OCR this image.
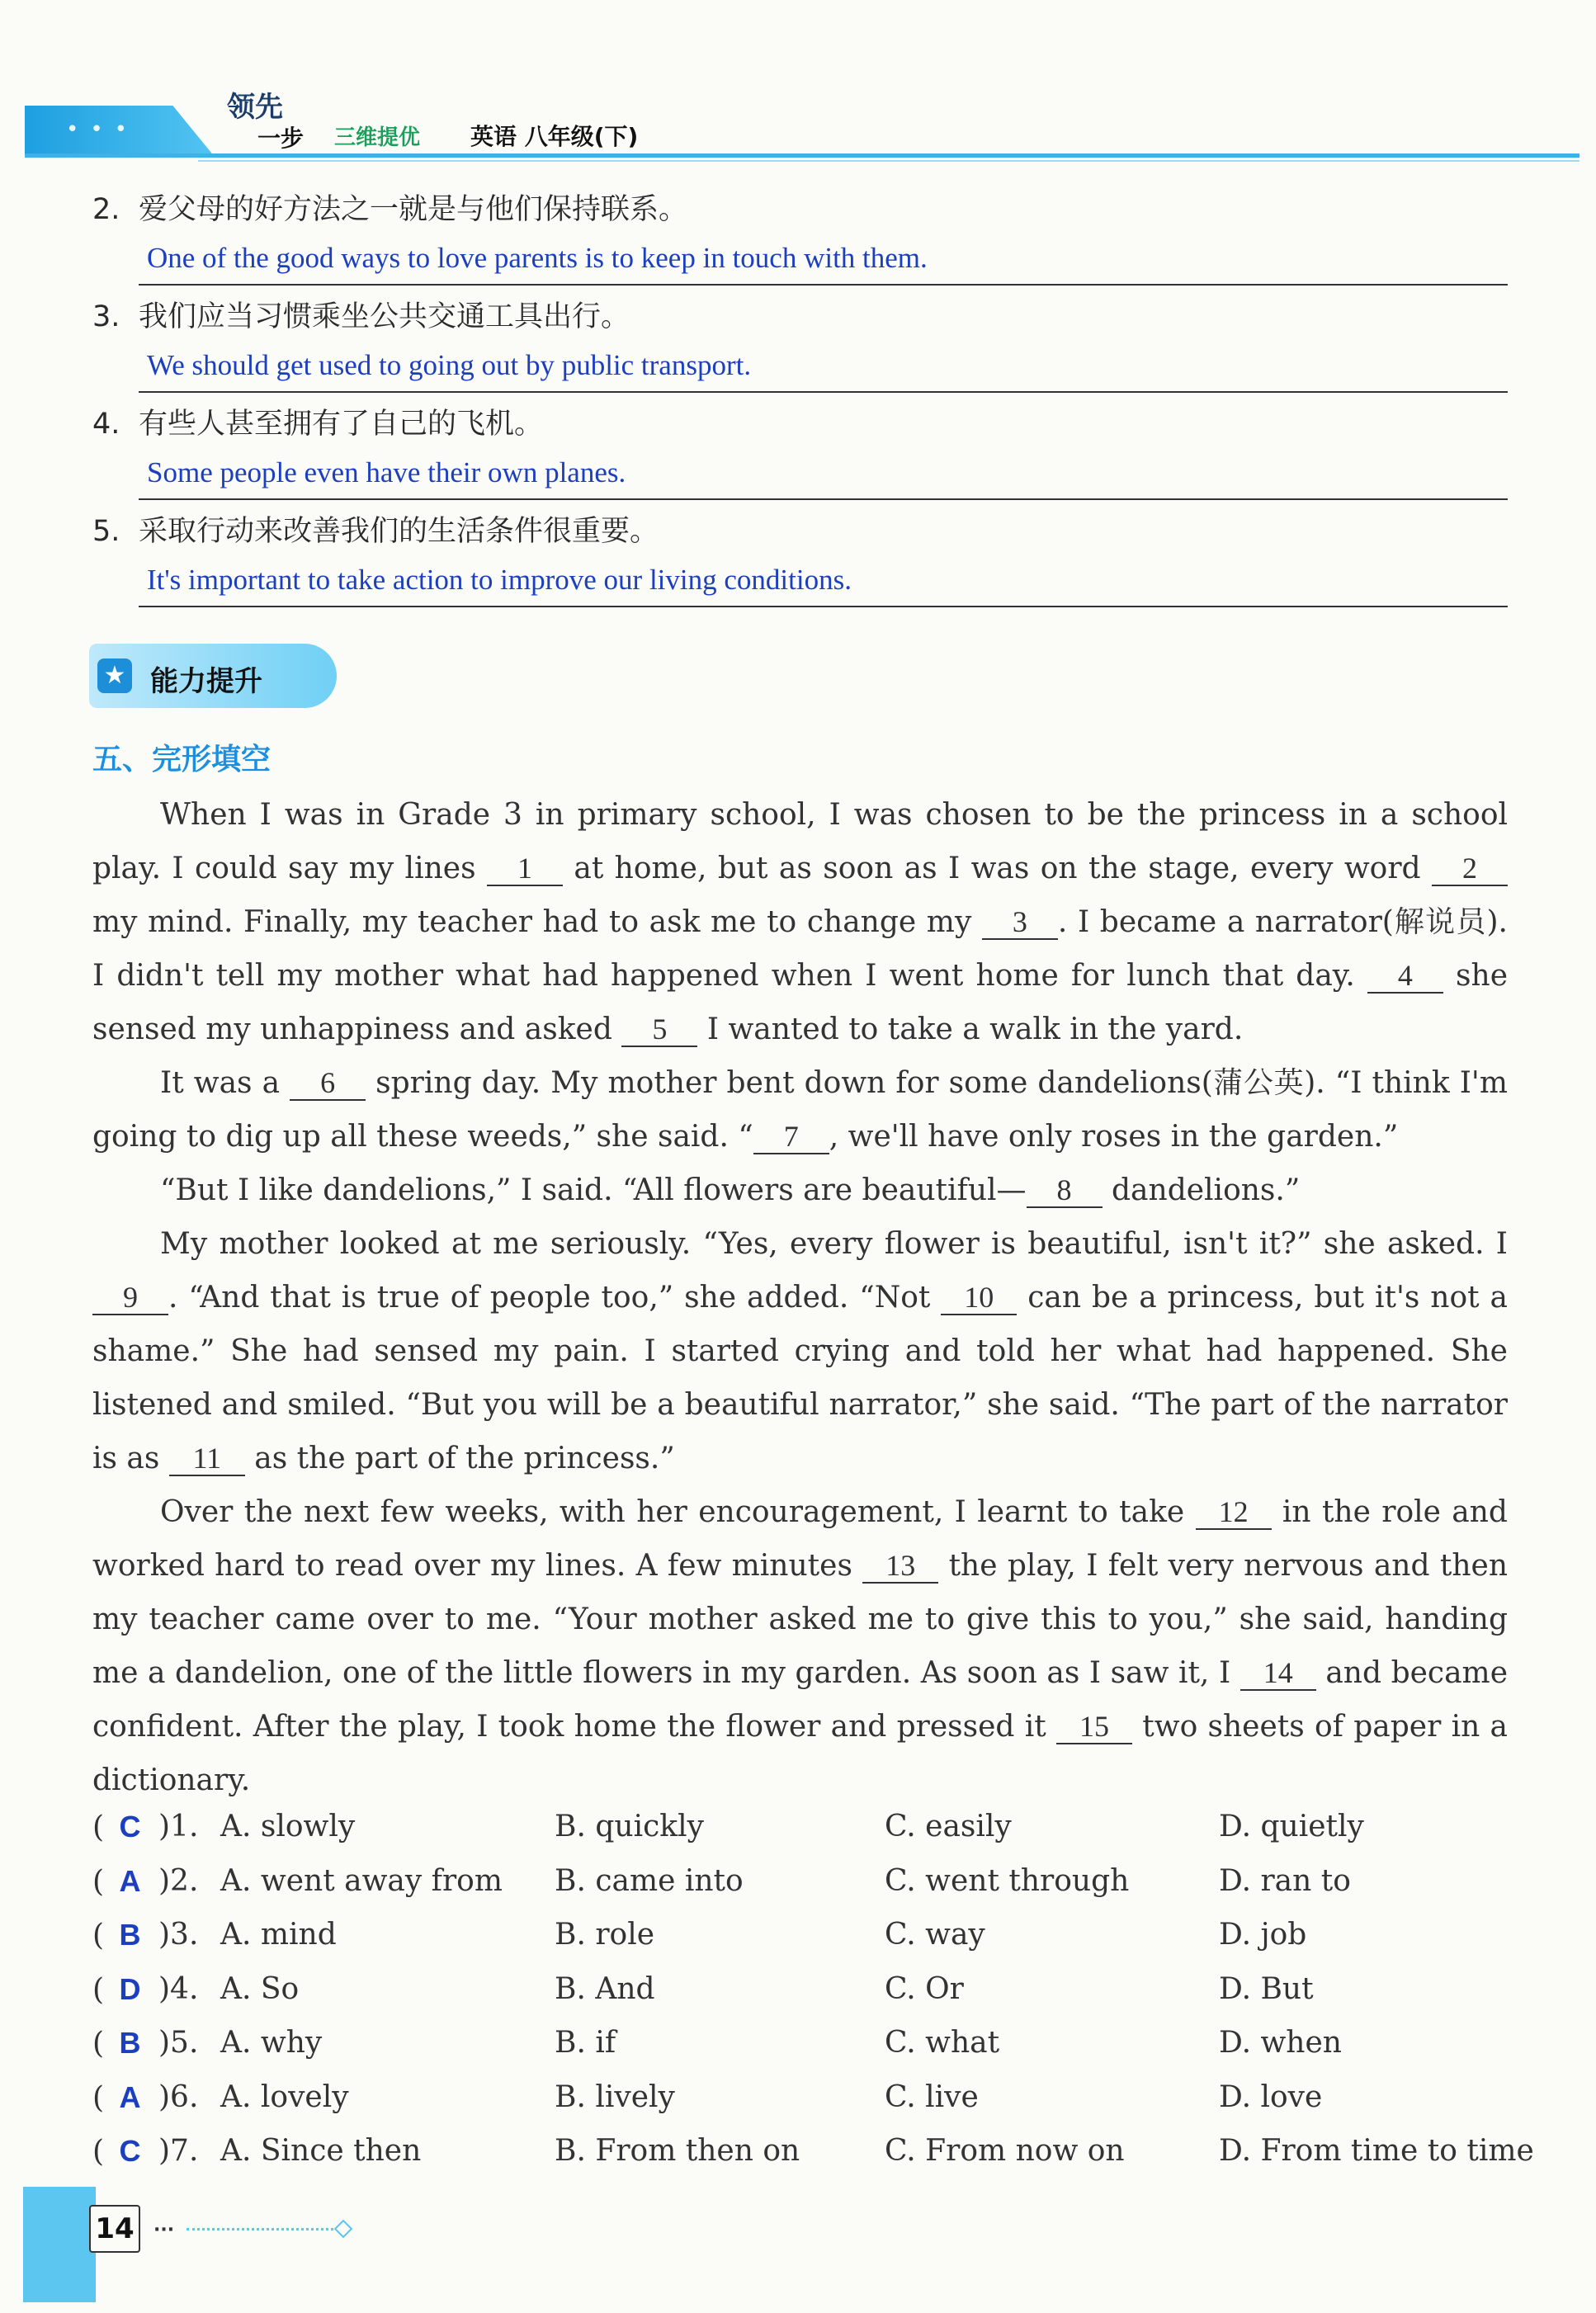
•••
领先
一步 三维提优 英语 八年级(下)
2. 爱父母的好方法之一就是与他们保持联系。
One of the good ways to love parents is to keep in touch with them.
3. 我们应当习惯乘坐公共交通工具出行。
We should get used to going out by public transport.
4. 有些人甚至拥有了自己的飞机。
Some people even have their own planes.
5. 采取行动来改善我们的生活条件很重要。
It's important to take action to improve our living conditions.
★ 能力提升
五、完形填空

When I was in Grade 3 in primary school, I was chosen to be the princess in a school play. I could say my lines 1 at home, but as soon as I was on the stage, every word 2 my mind. Finally, my teacher had to ask me to change my 3 . I became a narrator(解说员). I didn't tell my mother what had happened when I went home for lunch that day. 4 she sensed my unhappiness and asked 5 I wanted to take a walk in the yard.

It was a 6 spring day. My mother bent down for some dandelions(蒲公英). “I think I'm going to dig up all these weeds,” she said. “ 7 , we'll have only roses in the garden.”

“But I like dandelions,” I said. “All flowers are beautiful— 8 dandelions.”

My mother looked at me seriously. “Yes, every flower is beautiful, isn't it?” she asked. I 9 . “And that is true of people too,” she added. “Not 10 can be a princess, but it's not a shame.” She had sensed my pain. I started crying and told her what had happened. She listened and smiled. “But you will be a beautiful narrator,” she said. “The part of the narrator is as 11 as the part of the princess.”

Over the next few weeks, with her encouragement, I learnt to take 12 in the role and worked hard to read over my lines. A few minutes 13 the play, I felt very nervous and then my teacher came over to me. “Your mother asked me to give this to you,” she said, handing me a dandelion, one of the little flowers in my garden. As soon as I saw it, I 14 and became confident. After the play, I took home the flower and pressed it 15 two sheets of paper in a dictionary.

( C )1. A. slowly	B. quickly	C. easily	D. quietly
( A )2. A. went away from B. came into	C. went through	D. ran to
( B )3. A. mind	B. role	C. way	D. job
( D )4. A. So	B. And	C. Or	D. But
( B )5. A. why	B. if	C. what	D. when
( A )6. A. lovely	B. lively	C. live	D. love
( C )7. A. Since then	B. From then on	C. From now on	D. From time to time
14	···
